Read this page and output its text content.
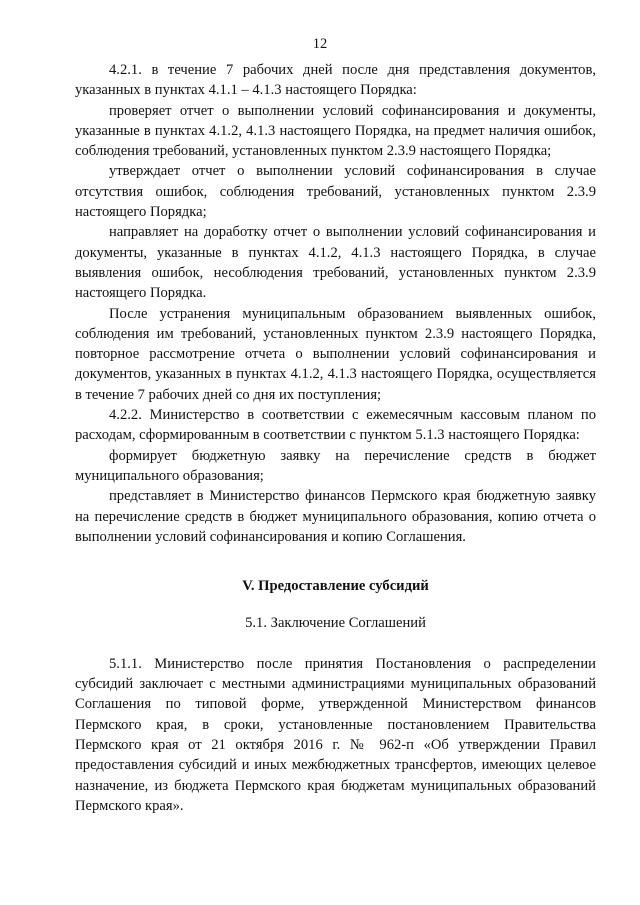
12

4.2.1. в течение 7 рабочих дней после дня представления документов, указанных в пунктах 4.1.1 – 4.1.3 настоящего Порядка:

проверяет отчет о выполнении условий софинансирования и документы, указанные в пунктах 4.1.2, 4.1.3 настоящего Порядка, на предмет наличия ошибок, соблюдения требований, установленных пунктом 2.3.9 настоящего Порядка;

утверждает отчет о выполнении условий софинансирования в случае отсутствия ошибок, соблюдения требований, установленных пунктом 2.3.9 настоящего Порядка;

направляет на доработку отчет о выполнении условий софинансирования и документы, указанные в пунктах 4.1.2, 4.1.3 настоящего Порядка, в случае выявления ошибок, несоблюдения требований, установленных пунктом 2.3.9 настоящего Порядка.

После устранения муниципальным образованием выявленных ошибок, соблюдения им требований, установленных пунктом 2.3.9 настоящего Порядка, повторное рассмотрение отчета о выполнении условий софинансирования и документов, указанных в пунктах 4.1.2, 4.1.3 настоящего Порядка, осуществляется в течение 7 рабочих дней со дня их поступления;

4.2.2. Министерство в соответствии с ежемесячным кассовым планом по расходам, сформированным в соответствии с пунктом 5.1.3 настоящего Порядка:

формирует бюджетную заявку на перечисление средств в бюджет муниципального образования;

представляет в Министерство финансов Пермского края бюджетную заявку на перечисление средств в бюджет муниципального образования, копию отчета о выполнении условий софинансирования и копию Соглашения.

V. Предоставление субсидий

5.1. Заключение Соглашений

5.1.1. Министерство после принятия Постановления о распределении субсидий заключает с местными администрациями муниципальных образований Соглашения по типовой форме, утвержденной Министерством финансов Пермского края, в сроки, установленные постановлением Правительства Пермского края от 21 октября 2016 г. № 962-п «Об утверждении Правил предоставления субсидий и иных межбюджетных трансфертов, имеющих целевое назначение, из бюджета Пермского края бюджетам муниципальных образований Пермского края».
